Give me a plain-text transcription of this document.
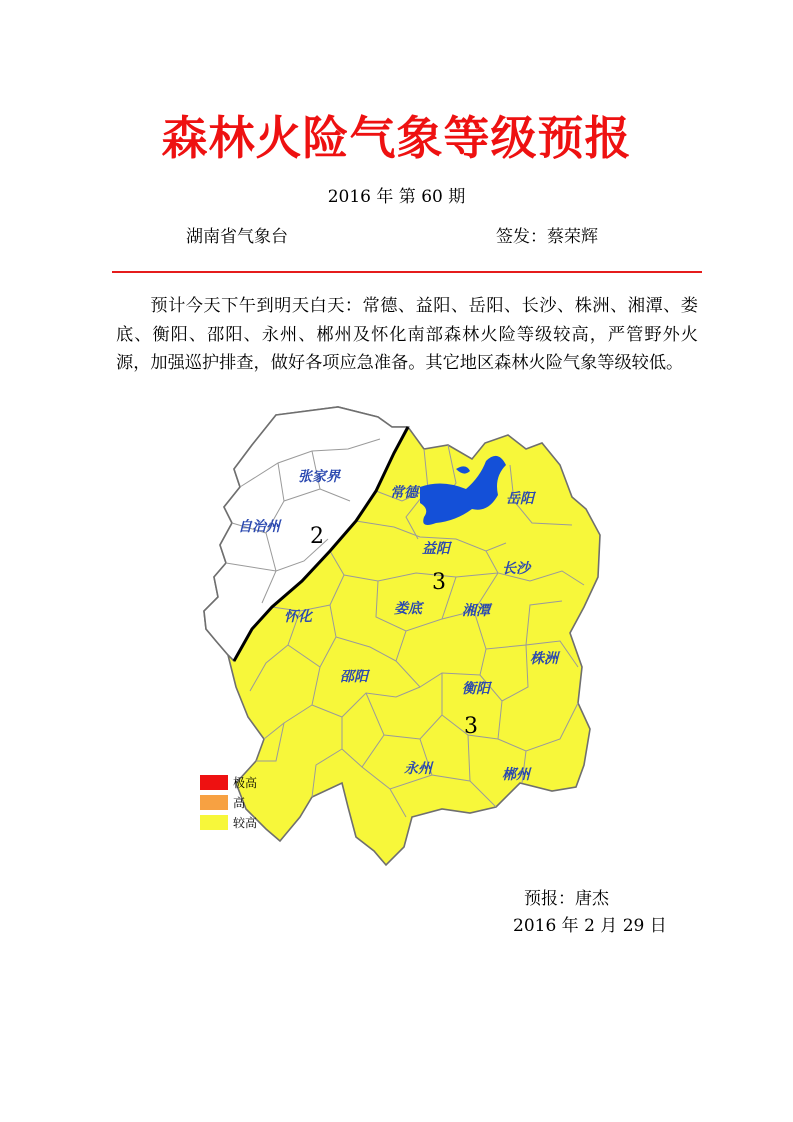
森林火险气象等级预报
2016 年 第 60 期
湖南省气象台	签发：蔡荣辉
预计今天下午到明天白天：常德、益阳、岳阳、长沙、株洲、湘潭、娄底、衡阳、邵阳、永州、郴州及怀化南部森林火险等级较高，严管野外火源，加强巡护排查，做好各项应急准备。其它地区森林火险气象等级较低。
张家界
自治州
常德	岳阳
益阳
长沙
娄底	湘潭
怀化
株洲
邵阳
衡阳
永州	郴州
2
3
3
极高
高
较高
预报：唐杰
2016 年 2 月 29 日
